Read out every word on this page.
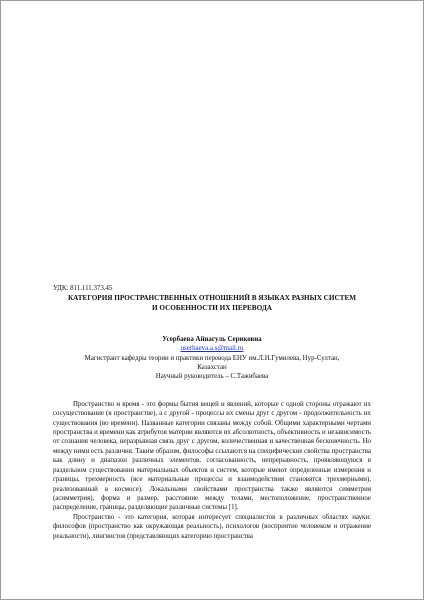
УДК: 811.111.373.45

КАТЕГОРИЯ ПРОСТРАНСТВЕННЫХ ОТНОШЕНИЙ В ЯЗЫКАХ РАЗНЫХ СИСТЕМ И ОСОБЕННОСТИ ИХ ПЕРЕВОДА

Усербаева Айнагуль Сериковна

userbaeva.a.s@mail.ru

Магистрант кафедры теории и практики перевода ЕНУ им.Л.Н.Гумилева, Нур-Султан,

Казахстан

Научный руководитель – С.Тажибаева

Пространство и время - это формы бытия вещей и явлений, которые с одной стороны отражают их сосуществование (в пространстве), а с другой - процессы их смены друг с другом - продолжительность их существования (во времени). Названные категории связаны между собой. Общими характерными чертами пространства и времени как атрибутов материи являются их абсолютность, объективность и независимость от сознания человека, неразрывная связь друг с другом, количественная и качественная бесконечность. Но между ними есть различия. Таким образом, философы ссылаются на специфические свойства пространства как длину и диапазон различных элементов, согласованность, непрерывность, проявляющуюся в раздельном существовании материальных объектов и систем, которые имеют определенные измерения и границы, трехмерность (все материальные процессы и взаимодействия становятся трехмерными), реализованный в космосе). Локальными свойствами пространства также являются симметрия (асимметрия), форма и размер, расстояние между телами, местоположение, пространственное распределение, границы, разделяющие различные системы [1].

Пространство - это категория, которая интересует специалистов в различных областях науки: философов (пространство как окружающая реальность), психологов (восприятие человеком и отражение реальности), лингвистов (представляющих категорию пространства
